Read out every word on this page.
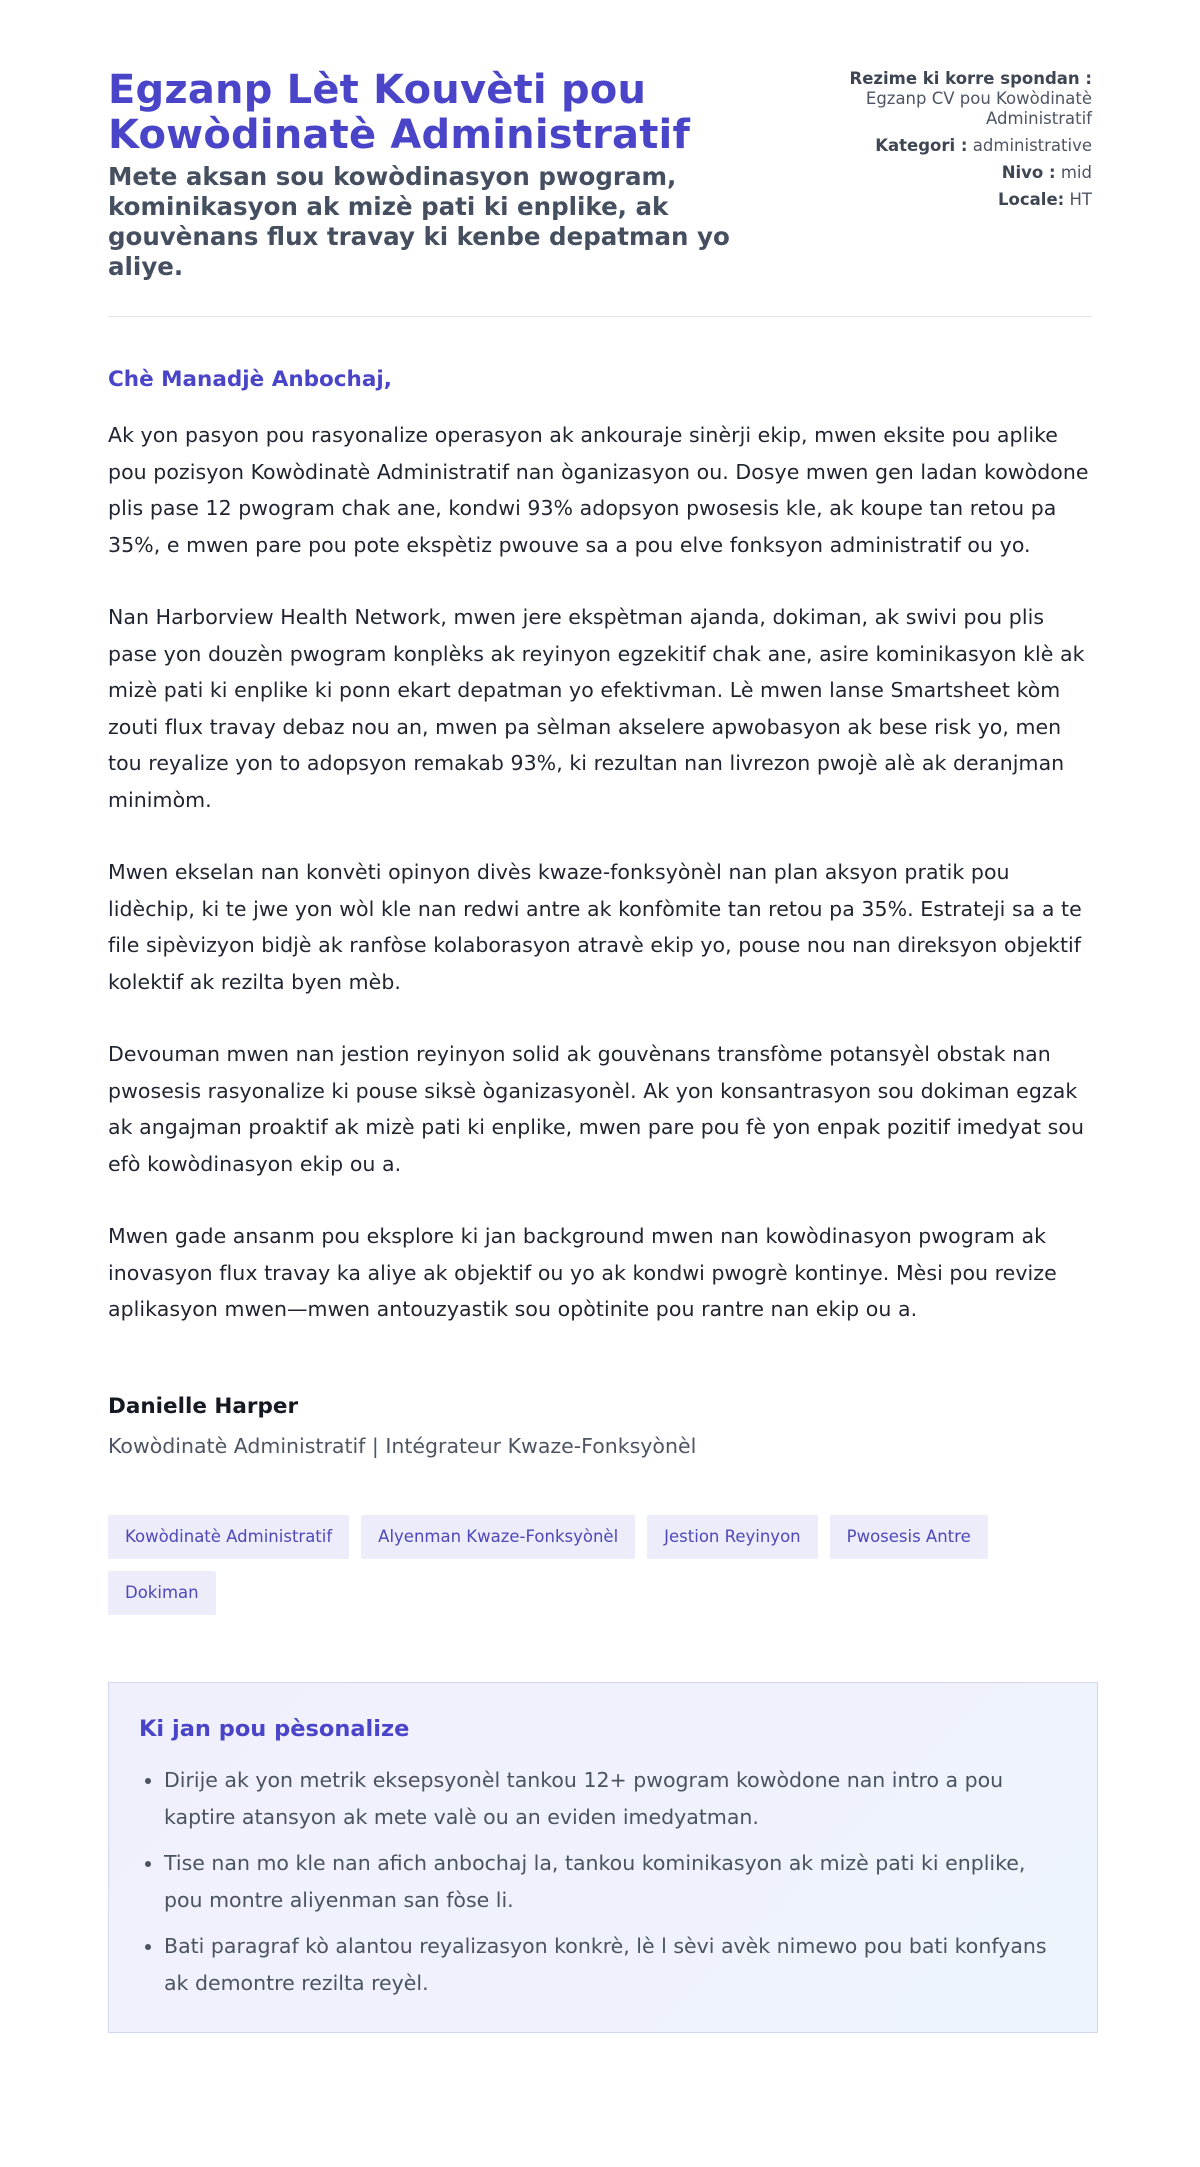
Egzanp Lèt Kouvèti pou Kowòdinatè Administratif

Mete aksan sou kowòdinasyon pwogram, kominikasyon ak mizè pati ki enplike, ak gouvènans flux travay ki kenbe depatman yo aliye.

Rezime ki korre spondan : Egzanp CV pou Kowòdinatè Administratif
Kategori : administrative
Nivo : mid
Locale: HT
Chè Manadjè Anbochaj,

Ak yon pasyon pou rasyonalize operasyon ak ankouraje sinèrji ekip, mwen eksite pou aplike pou pozisyon Kowòdinatè Administratif nan òganizasyon ou. Dosye mwen gen ladan kowòdone plis pase 12 pwogram chak ane, kondwi 93% adopsyon pwosesis kle, ak koupe tan retou pa 35%, e mwen pare pou pote ekspètiz pwouve sa a pou elve fonksyon administratif ou yo.

Nan Harborview Health Network, mwen jere ekspètman ajanda, dokiman, ak swivi pou plis pase yon douzèn pwogram konplèks ak reyinyon egzekitif chak ane, asire kominikasyon klè ak mizè pati ki enplike ki ponn ekart depatman yo efektivman. Lè mwen lanse Smartsheet kòm zouti flux travay debaz nou an, mwen pa sèlman akselere apwobasyon ak bese risk yo, men tou reyalize yon to adopsyon remakab 93%, ki rezultan nan livrezon pwojè alè ak deranjman minimòm.

Mwen ekselan nan konvèti opinyon divès kwaze-fonksyònèl nan plan aksyon pratik pou lidèchip, ki te jwe yon wòl kle nan redwi antre ak konfòmite tan retou pa 35%. Estrateji sa a te file sipèvizyon bidjè ak ranfòse kolaborasyon atravè ekip yo, pouse nou nan direksyon objektif kolektif ak rezilta byen mèb.

Devouman mwen nan jestion reyinyon solid ak gouvènans transfòme potansyèl obstak nan pwosesis rasyonalize ki pouse siksè òganizasyonèl. Ak yon konsantrasyon sou dokiman egzak ak angajman proaktif ak mizè pati ki enplike, mwen pare pou fè yon enpak pozitif imedyat sou efò kowòdinasyon ekip ou a.

Mwen gade ansanm pou eksplore ki jan background mwen nan kowòdinasyon pwogram ak inovasyon flux travay ka aliye ak objektif ou yo ak kondwi pwogrè kontinye. Mèsi pou revize aplikasyon mwen—mwen antouzyastik sou opòtinite pou rantre nan ekip ou a.

Danielle Harper
Kowòdinatè Administratif | Intégrateur Kwaze-Fonksyònèl
Kowòdinatè Administratif	Alyenman Kwaze-Fonksyònèl	Jestion Reyinyon	Pwosesis Antre
Dokiman
Ki jan pou pèsonalize
• Dirije ak yon metrik eksepsyonèl tankou 12+ pwogram kowòdone nan intro a pou kaptire atansyon ak mete valè ou an eviden imedyatman.
• Tise nan mo kle nan afich anbochaj la, tankou kominikasyon ak mizè pati ki enplike, pou montre aliyenman san fòse li.
• Bati paragraf kò alantou reyalizasyon konkrè, lè l sèvi avèk nimewo pou bati konfyans ak demontre rezilta reyèl.
